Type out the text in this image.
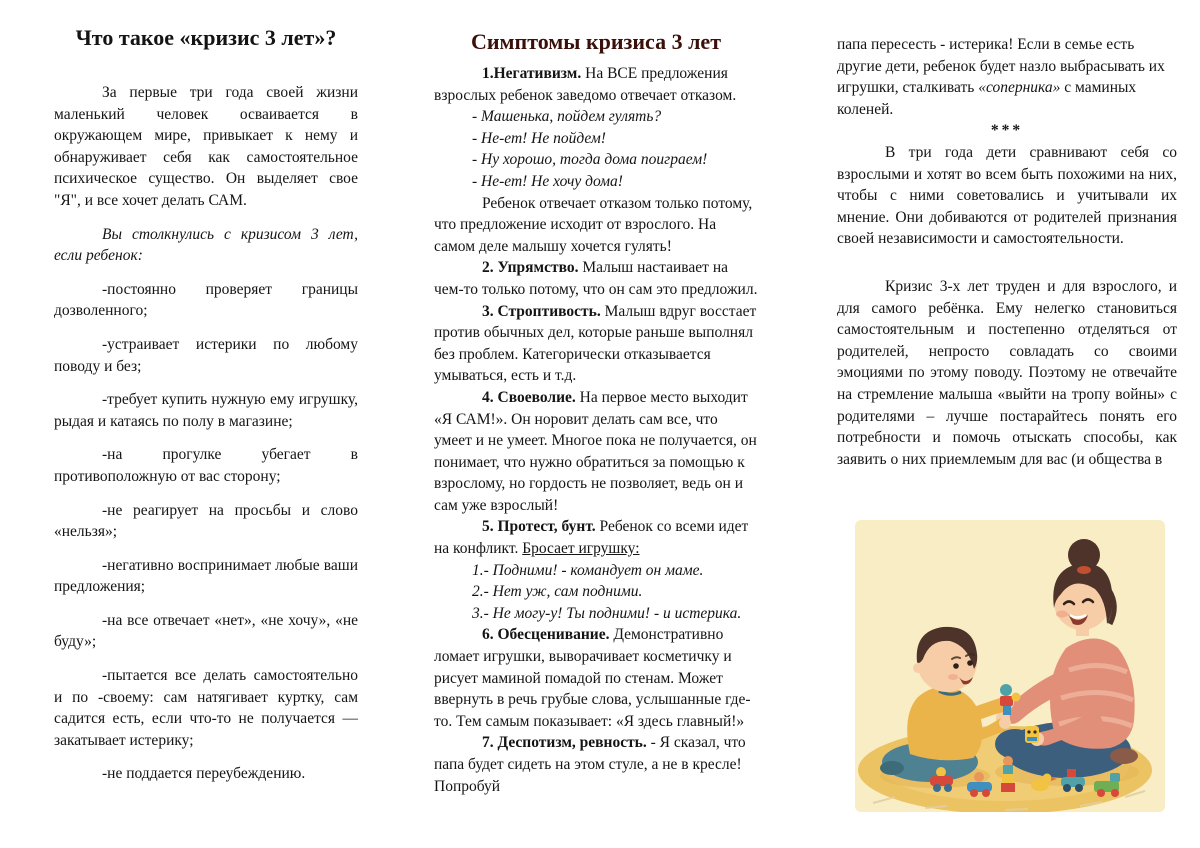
Что такое «кризис 3 лет»?

За первые три года своей жизни маленький человек осваивается в окружающем мире, привыкает к нему и обнаруживает себя как самостоятельное психическое существо. Он выделяет свое "Я", и все хочет делать САМ.

Вы столкнулись с кризисом 3 лет, если ребенок:

-постоянно проверяет границы дозволенного;

-устраивает истерики по любому поводу и без;

-требует купить нужную ему игрушку, рыдая и катаясь по полу в магазине;

-на прогулке убегает в противоположную от вас сторону;

-не реагирует на просьбы и слово «нельзя»;

-негативно воспринимает любые ваши предложения;

-на все отвечает «нет», «не хочу», «не буду»;

-пытается все делать самостоятельно и по -своему: сам натягивает куртку, сам садится есть, если что-то не получается — закатывает истерику;

-не поддается переубеждению.

Симптомы кризиса 3 лет

1.Негативизм. На ВСЕ предложения взрослых ребенок заведомо отвечает отказом.

- Машенька, пойдем гулять?

- Не-ет! Не пойдем!

- Ну хорошо, тогда дома поиграем!

- Не-ет! Не хочу дома!

Ребенок отвечает отказом только потому, что предложение исходит от взрослого. На самом деле малышу хочется гулять!

2. Упрямство. Малыш настаивает на чем-то только потому, что он сам это предложил.

3. Строптивость. Малыш вдруг восстает против обычных дел, которые раньше выполнял без проблем. Категорически отказывается умываться, есть и т.д.

4. Своеволие. На первое место выходит «Я САМ!». Он норовит делать сам все, что умеет и не умеет. Многое пока не получается, он понимает, что нужно обратиться за помощью к взрослому, но гордость не позволяет, ведь он и сам уже взрослый!

5. Протест, бунт. Ребенок со всеми идет на конфликт. Бросает игрушку:

1.- Подними! - командует он маме.

2.- Нет уж, сам подними.

3.- Не могу-у! Ты подними! - и истерика.

6. Обесценивание. Демонстративно ломает игрушки, выворачивает косметичку и рисует маминой помадой по стенам. Может ввернуть в речь грубые слова, услышанные где-то. Тем самым показывает: «Я здесь главный!»

7. Деспотизм, ревность. - Я сказал, что папа будет сидеть на этом стуле, а не в кресле! Попробуй

папа пересесть - истерика! Если в семье есть другие дети, ребенок будет назло выбрасывать их игрушки, сталкивать «соперника» с маминых коленей.

***

В три года дети сравнивают себя со взрослыми и хотят во всем быть похожими на них, чтобы с ними советовались и учитывали их мнение. Они добиваются от родителей признания своей независимости и самостоятельности.

Кризис 3-х лет труден и для взрослого, и для самого ребёнка. Ему нелегко становиться самостоятельным и постепенно отделяться от родителей, непросто совладать со своими эмоциями по этому поводу. Поэтому не отвечайте на стремление малыша «выйти на тропу войны» с родителями – лучше постарайтесь понять его потребности и помочь отыскать способы, как заявить о них приемлемым для вас (и общества в
